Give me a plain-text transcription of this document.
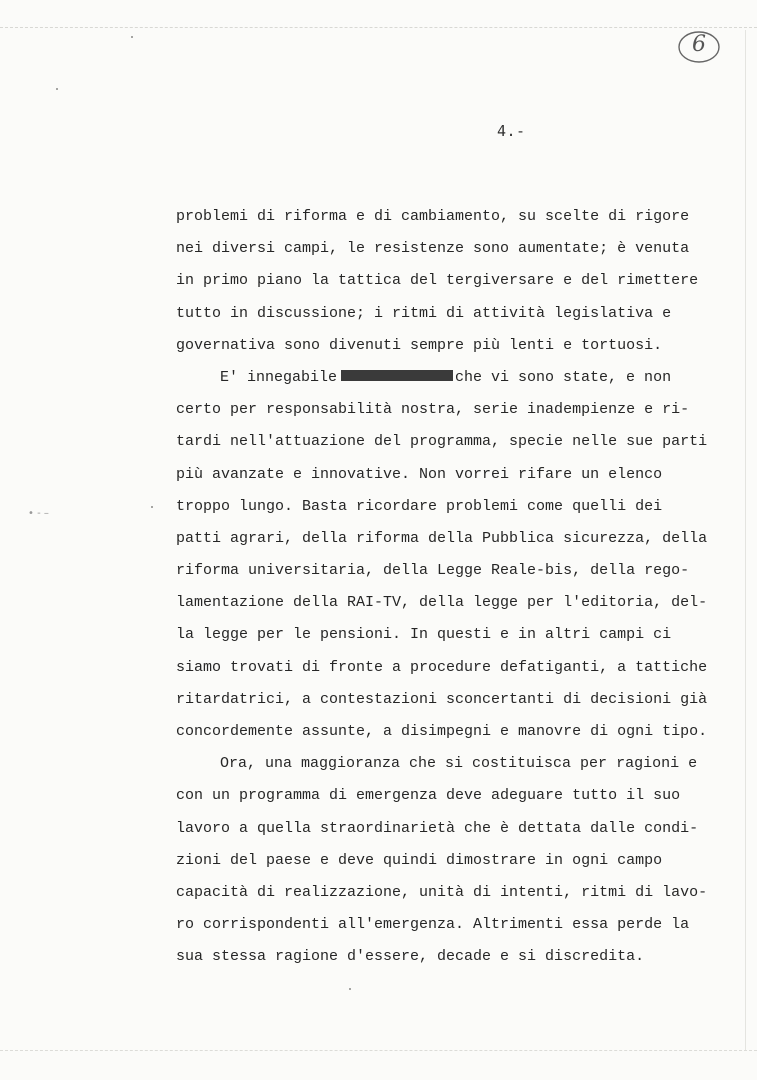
• - –
6
4.-
problemi di riforma e di cambiamento, su scelte di rigore
nei diversi campi, le resistenze sono aumentate; è venuta
in primo piano la tattica del tergiversare e del rimettere
tutto in discussione; i ritmi di attività legislativa e
governativa sono divenuti sempre più lenti e tortuosi.
E' innegabile	che vi sono state, e non
certo per responsabilità nostra, serie inadempienze e ri-
tardi nell'attuazione del programma, specie nelle sue parti
più avanzate e innovative. Non vorrei rifare un elenco
troppo lungo. Basta ricordare problemi come quelli dei
patti agrari, della riforma della Pubblica sicurezza, della
riforma universitaria, della Legge Reale-bis, della rego-
lamentazione della RAI-TV, della legge per l'editoria, del-
la legge per le pensioni. In questi e in altri campi ci
siamo trovati di fronte a procedure defatiganti, a tattiche
ritardatrici, a contestazioni sconcertanti di decisioni già
concordemente assunte, a disimpegni e manovre di ogni tipo.
Ora, una maggioranza che si costituisca per ragioni e
con un programma di emergenza deve adeguare tutto il suo
lavoro a quella straordinarietà che è dettata dalle condi-
zioni del paese e deve quindi dimostrare in ogni campo
capacità di realizzazione, unità di intenti, ritmi di lavo-
ro corrispondenti all'emergenza. Altrimenti essa perde la
sua stessa ragione d'essere, decade e si discredita.
